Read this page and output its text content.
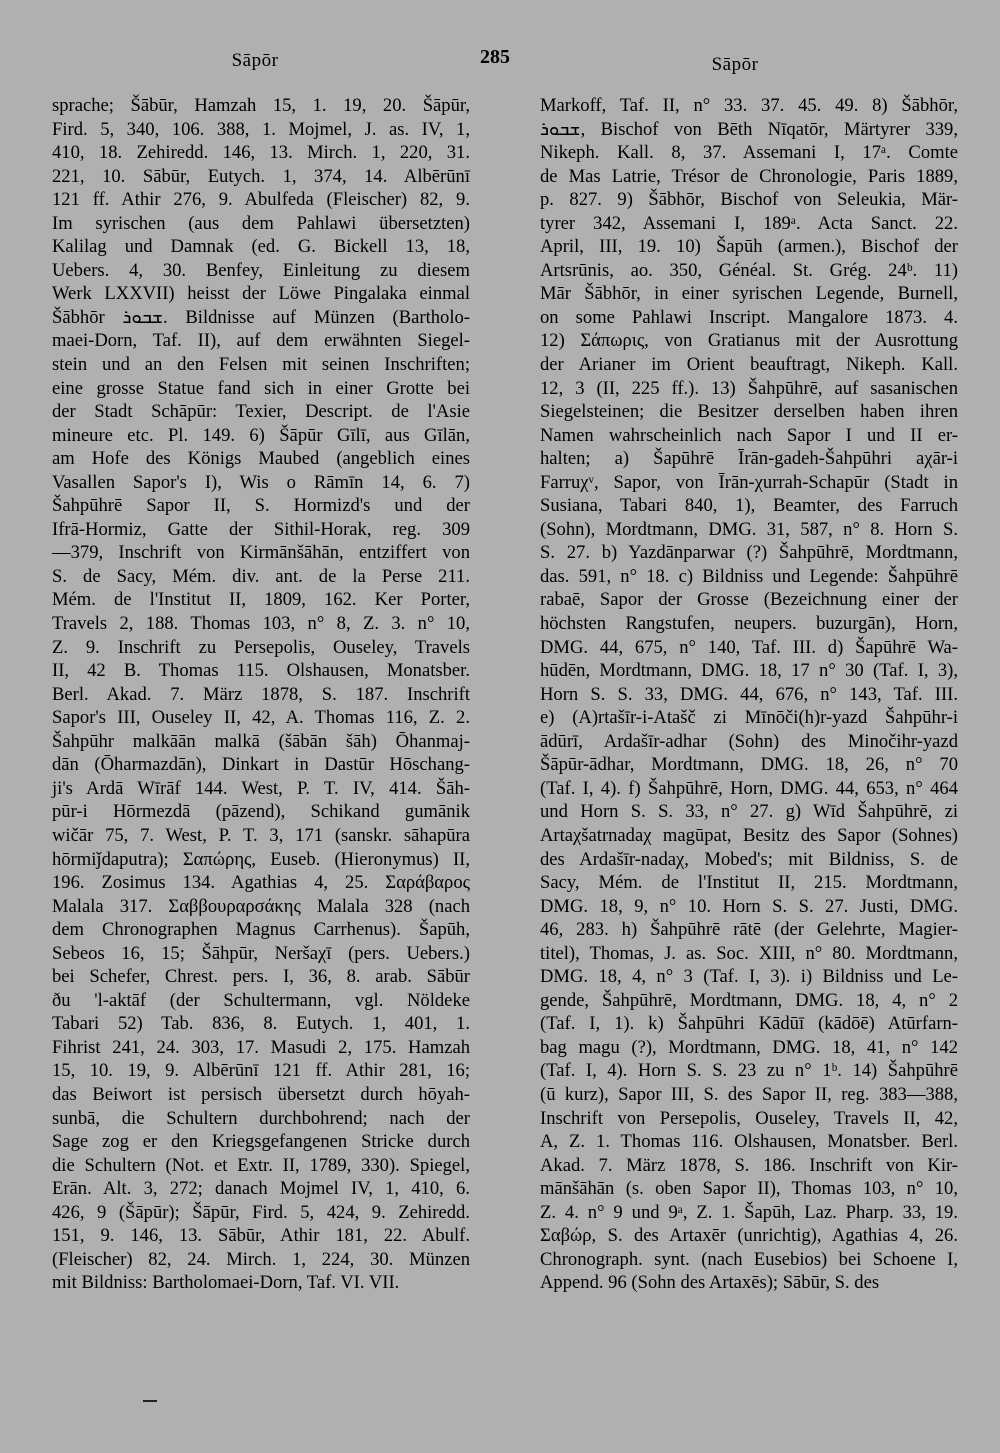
Sāpōr	285	Sāpōr
sprache; Šābūr, Hamzah 15, 1. 19, 20. Šāpūr,
Fird. 5, 340, 106. 388, 1. Mojmel, J. as. IV, 1,
410, 18. Zehiredd. 146, 13. Mirch. 1, 220, 31.
221, 10. Sābūr, Eutych. 1, 374, 14. Albērūnī
121 ff. Athir 276, 9. Abulfeda (Fleischer) 82, 9.
Im syrischen (aus dem Pahlawi übersetzten)
Kalilag und Damnak (ed. G. Bickell 13, 18,
Uebers. 4, 30. Benfey, Einleitung zu diesem
Werk LXXVII) heisst der Löwe Pingalaka einmal
Šābhōr ܫܒܘܪ. Bildnisse auf Münzen (Bartholo-
maei-Dorn, Taf. II), auf dem erwähnten Siegel-
stein und an den Felsen mit seinen Inschriften;
eine grosse Statue fand sich in einer Grotte bei
der Stadt Schāpūr: Texier, Descript. de l'Asie
mineure etc. Pl. 149. 6) Šāpūr Gīlī, aus Gīlān,
am Hofe des Königs Maubed (angeblich eines
Vasallen Sapor's I), Wis o Rāmīn 14, 6. 7)
Šahpūhrē Sapor II, S. Hormizd's und der
Ifrā-Hormiz, Gatte der Sithil-Horak, reg. 309
—379, Inschrift von Kirmānšāhān, entziffert von
S. de Sacy, Mém. div. ant. de la Perse 211.
Mém. de l'Institut II, 1809, 162. Ker Porter,
Travels 2, 188. Thomas 103, n° 8, Z. 3. n° 10,
Z. 9. Inschrift zu Persepolis, Ouseley, Travels
II, 42 B. Thomas 115. Olshausen, Monatsber.
Berl. Akad. 7. März 1878, S. 187. Inschrift
Sapor's III, Ouseley II, 42, A. Thomas 116, Z. 2.
Šahpūhr malkāān malkā (šābān šāh) Ōhanmaj-
dān (Ōharmazdān), Dinkart in Dastūr Hōschang-
ji's Ardā Wīrāf 144. West, P. T. IV, 414. Šāh-
pūr-i Hōrmezdā (pāzend), Schikand gumānik
wičār 75, 7. West, P. T. 3, 171 (sanskr. sāhapūra
hōrmiǰdaputra); Σαπώρης, Euseb. (Hieronymus) II,
196. Zosimus 134. Agathias 4, 25. Σαράβαρος
Malala 317. Σαββουραρσάκης Malala 328 (nach
dem Chronographen Magnus Carrhenus). Šapūh,
Sebeos 16, 15; Šāhpūr, Neršaχī (pers. Uebers.)
bei Schefer, Chrest. pers. I, 36, 8. arab. Sābūr
ðu 'l-aktāf (der Schultermann, vgl. Nöldeke
Tabari 52) Tab. 836, 8. Eutych. 1, 401, 1.
Fihrist 241, 24. 303, 17. Masudi 2, 175. Hamzah
15, 10. 19, 9. Albērūnī 121 ff. Athir 281, 16;
das Beiwort ist persisch übersetzt durch hōyah-
sunbā, die Schultern durchbohrend; nach der
Sage zog er den Kriegsgefangenen Stricke durch
die Schultern (Not. et Extr. II, 1789, 330). Spiegel,
Erān. Alt. 3, 272; danach Mojmel IV, 1, 410, 6.
426, 9 (Šāpūr); Šāpūr, Fird. 5, 424, 9. Zehiredd.
151, 9. 146, 13. Sābūr, Athir 181, 22. Abulf.
(Fleischer) 82, 24. Mirch. 1, 224, 30. Münzen
mit Bildniss: Bartholomaei-Dorn, Taf. VI. VII.
Markoff, Taf. II, n° 33. 37. 45. 49. 8) Šābhōr,
ܫܒܘܪ, Bischof von Bēth Nīqatōr, Märtyrer 339,
Nikeph. Kall. 8, 37. Assemani I, 17ᵃ. Comte
de Mas Latrie, Trésor de Chronologie, Paris 1889,
p. 827. 9) Šābhōr, Bischof von Seleukia, Mär-
tyrer 342, Assemani I, 189ᵃ. Acta Sanct. 22.
April, III, 19. 10) Šapūh (armen.), Bischof der
Artsrūnis, ao. 350, Généal. St. Grég. 24ᵇ. 11)
Mār Šābhōr, in einer syrischen Legende, Burnell,
on some Pahlawi Inscript. Mangalore 1873. 4.
12) Σάπωρις, von Gratianus mit der Ausrottung
der Arianer im Orient beauftragt, Nikeph. Kall.
12, 3 (II, 225 ff.). 13) Šahpūhrē, auf sasanischen
Siegelsteinen; die Besitzer derselben haben ihren
Namen wahrscheinlich nach Sapor I und II er-
halten; a) Šapūhrē Īrān-gadeh-Šahpūhri aχār-i
Farruχᵛ, Sapor, von Īrān-χurrah-Schapūr (Stadt in
Susiana, Tabari 840, 1), Beamter, des Farruch
(Sohn), Mordtmann, DMG. 31, 587, n° 8. Horn S.
S. 27. b) Yazdānparwar (?) Šahpūhrē, Mordtmann,
das. 591, n° 18. c) Bildniss und Legende: Šahpūhrē
rabaē, Sapor der Grosse (Bezeichnung einer der
höchsten Rangstufen, neupers. buzurgān), Horn,
DMG. 44, 675, n° 140, Taf. III. d) Šapūhrē Wa-
hūdēn, Mordtmann, DMG. 18, 17 n° 30 (Taf. I, 3),
Horn S. S. 33, DMG. 44, 676, n° 143, Taf. III.
e) (A)rtašīr-i-Atašč zi Mīnōči(h)r-yazd Šahpūhr-i
ādūrī, Ardašīr-adhar (Sohn) des Minočihr-yazd
Šāpūr-ādhar, Mordtmann, DMG. 18, 26, n° 70
(Taf. I, 4). f) Šahpūhrē, Horn, DMG. 44, 653, n° 464
und Horn S. S. 33, n° 27. g) Wīd Šahpūhrē, zi
Artaχšatrnadaχ magūpat, Besitz des Sapor (Sohnes)
des Ardašīr-nadaχ, Mobed's; mit Bildniss, S. de
Sacy, Mém. de l'Institut II, 215. Mordtmann,
DMG. 18, 9, n° 10. Horn S. S. 27. Justi, DMG.
46, 283. h) Šahpūhrē rātē (der Gelehrte, Magier-
titel), Thomas, J. as. Soc. XIII, n° 80. Mordtmann,
DMG. 18, 4, n° 3 (Taf. I, 3). i) Bildniss und Le-
gende, Šahpūhrē, Mordtmann, DMG. 18, 4, n° 2
(Taf. I, 1). k) Šahpūhri Kādūī (kādōē) Atūrfarn-
bag magu (?), Mordtmann, DMG. 18, 41, n° 142
(Taf. I, 4). Horn S. S. 23 zu n° 1ᵇ. 14) Šahpūhrē
(ū kurz), Sapor III, S. des Sapor II, reg. 383—388,
Inschrift von Persepolis, Ouseley, Travels II, 42,
A, Z. 1. Thomas 116. Olshausen, Monatsber. Berl.
Akad. 7. März 1878, S. 186. Inschrift von Kir-
mānšāhān (s. oben Sapor II), Thomas 103, n° 10,
Z. 4. n° 9 und 9ᵃ, Z. 1. Šapūh, Laz. Pharp. 33, 19.
Σαβώρ, S. des Artaxēr (unrichtig), Agathias 4, 26.
Chronograph. synt. (nach Eusebios) bei Schoene I,
Append. 96 (Sohn des Artaxēs); Sābūr, S. des
